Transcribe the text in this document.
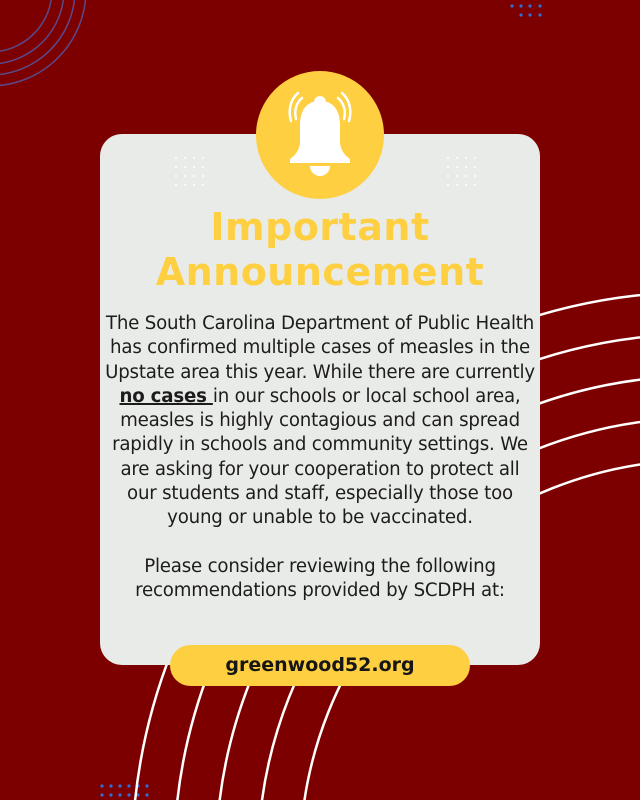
Important
Announcement

The South Carolina Department of Public Health has confirmed multiple cases of measles in the Upstate area this year. While there are currently no cases in our schools or local school area, measles is highly contagious and can spread rapidly in schools and community settings. We are asking for your cooperation to protect all our students and staff, especially those too young or unable to be vaccinated.

Please consider reviewing the following recommendations provided by SCDPH at:

greenwood52.org
